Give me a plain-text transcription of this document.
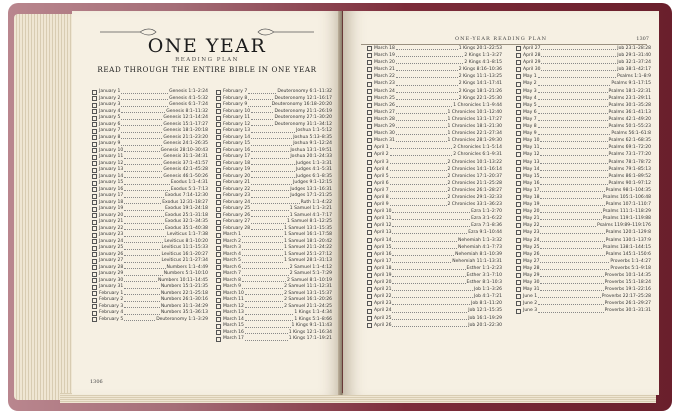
ONE YEAR
READING PLAN
READ THROUGH THE ENTIRE BIBLE IN ONE YEAR
January 1	Genesis 1:1–2:24
January 2	Genesis 4:1–5:32
January 3	Genesis 6:1–7:24
January 4	Genesis 8:1–11:32
January 5	Genesis 12:1–14:24
January 6	Genesis 15:1–17:27
January 7	Genesis 18:1–20:18
January 8	Genesis 21:1–23:20
January 9	Genesis 24:1–26:35
January 10	Genesis 28:10–30:43
January 11	Genesis 31:1–34:31
January 12	Genesis 37:1–41:57
January 13	Genesis 42:1–45:28
January 14	Genesis 46:1–50:26
January 15	Exodus 1:1–4:31
January 16	Exodus 5:1–7:13
January 17	Exodus 7:14–12:30
January 18	Exodus 12:31–18:27
January 19	Exodus 19:1–24:18
January 20	Exodus 25:1–31:18
January 21	Exodus 32:1–34:35
January 22	Exodus 35:1–40:38
January 23	Leviticus 1:1–7:38
January 24	Leviticus 8:1–10:20
January 25	Leviticus 11:1–15:33
January 26	Leviticus 16:1–20:27
January 27	Leviticus 21:1–27:34
January 28	Numbers 1:1–4:49
January 29	Numbers 5:1–10:10
January 30	Numbers 10:11–14:45
January 31	Numbers 15:1–21:35
February 1	Numbers 22:1–25:18
February 2	Numbers 26:1–30:16
February 3	Numbers 31:1–34:29
February 4	Numbers 35:1–36:13
February 5	Deuteronomy 1:1–3:29
February 7	Deuteronomy 6:1–11:32
February 8	Deuteronomy 12:1–16:17
February 9	Deuteronomy 16:18–20:20
February 10	Deuteronomy 21:1–26:19
February 11	Deuteronomy 27:1–30:20
February 12	Deuteronomy 31:1–34:12
February 13	Joshua 1:1–5:12
February 14	Joshua 5:13–8:35
February 15	Joshua 9:1–12:24
February 16	Joshua 13:1–19:51
February 17	Joshua 20:1–24:33
February 18	Judges 1:1–3:31
February 19	Judges 4:1–5:31
February 20	Judges 6:1–8:35
February 21	Judges 9:1–12:15
February 22	Judges 13:1–16:31
February 23	Judges 17:1–21:25
February 24	Ruth 1:1–4:22
February 25	1 Samuel 1:1–3:21
February 26	1 Samuel 4:1–7:17
February 27	1 Samuel 8:1–12:25
February 28	1 Samuel 13:1–15:35
March 1	1 Samuel 16:1–17:58
March 2	1 Samuel 18:1–20:42
March 3	1 Samuel 21:1–24:22
March 4	1 Samuel 25:1–27:12
March 5	1 Samuel 28:1–31:13
March 6	2 Samuel 1:1–4:12
March 7	2 Samuel 5:1–7:29
March 8	2 Samuel 8:1–10:19
March 9	2 Samuel 11:1–12:31
March 10	2 Samuel 13:1–15:37
March 11	2 Samuel 16:1–20:26
March 12	2 Samuel 21:1–24:25
March 13	1 Kings 1:1–4:34
March 14	1 Kings 5:1–8:66
March 15	1 Kings 9:1–11:43
March 16	1 Kings 12:1–16:34
March 17	1 Kings 17:1–19:21
1306
ONE-YEAR READING PLAN	1307
March 18	1 Kings 20:1–22:53
March 19	2 Kings 1:1–3:27
March 20	2 Kings 4:1–8:15
March 21	2 Kings 8:16–10:36
March 22	2 Kings 11:1–13:25
March 23	2 Kings 14:1–17:41
March 24	2 Kings 18:1–21:26
March 25	2 Kings 22:1–25:30
March 26	1 Chronicles 1:1–9:44
March 27	1 Chronicles 10:1–12:40
March 28	1 Chronicles 13:1–17:27
March 29	1 Chronicles 18:1–21:30
March 30	1 Chronicles 22:1–27:34
March 31	1 Chronicles 28:1–29:30
April 1	2 Chronicles 1:1–5:14
April 2	2 Chronicles 6:1–9:31
April 3	2 Chronicles 10:1–13:22
April 4	2 Chronicles 14:1–16:14
April 5	2 Chronicles 17:1–20:37
April 6	2 Chronicles 21:1–25:28
April 7	2 Chronicles 26:1–28:27
April 8	2 Chronicles 29:1–32:33
April 9	2 Chronicles 33:1–36:23
April 10	Ezra 1:1–2:70
April 11	Ezra 3:1–6:22
April 12	Ezra 7:1–8:36
April 13	Ezra 9:1–10:44
April 14	Nehemiah 1:1–3:32
April 15	Nehemiah 4:1–7:73
April 16	Nehemiah 8:1–10:39
April 17	Nehemiah 11:1–13:31
April 18	Esther 1:1–2:23
April 19	Esther 3:1–7:10
April 20	Esther 8:1–10:3
April 21	Job 1:1–3:26
April 22	Job 4:1–7:21
April 23	Job 8:1–11:20
April 24	Job 12:1–15:35
April 25	Job 16:1–19:29
April 26	Job 20:1–22:30
April 27	Job 23:1–28:28
April 28	Job 29:1–31:40
April 29	Job 32:1–37:24
April 30	Job 38:1–42:17
May 1	Psalms 1:1–8:9
May 2	Psalms 9:1–17:15
May 3	Psalms 18:1–22:31
May 4	Psalms 23:1–29:11
May 5	Psalms 30:1–35:28
May 6	Psalms 36:1–41:13
May 7	Psalms 42:1–49:20
May 8	Psalms 50:1–55:23
May 9	Psalms 56:1–61:8
May 10	Psalms 62:1–68:35
May 11	Psalms 69:1–72:20
May 12	Psalms 73:1–77:20
May 13	Psalms 78:1–78:72
May 14	Psalms 79:1–85:13
May 15	Psalms 86:1–89:52
May 16	Psalms 90:1–97:12
May 17	Psalms 98:1–104:35
May 18	Psalms 105:1–106:48
May 19	Psalms 107:1–110:7
May 20	Psalms 111:1–118:29
May 21	Psalms 119:1–119:88
May 22	Psalms 119:89–119:176
May 23	Psalms 120:1–129:8
May 24	Psalms 130:1–137:9
May 25	Psalms 138:1–144:15
May 26	Psalms 145:1–150:6
May 27	Proverbs 1:1–4:27
May 28	Proverbs 5:1–9:18
May 29	Proverbs 10:1–14:35
May 30	Proverbs 15:1–18:24
May 31	Proverbs 19:1–22:16
June 1	Proverbs 22:17–25:28
June 2	Proverbs 26:1–29:27
June 3	Proverbs 30:1–31:31
